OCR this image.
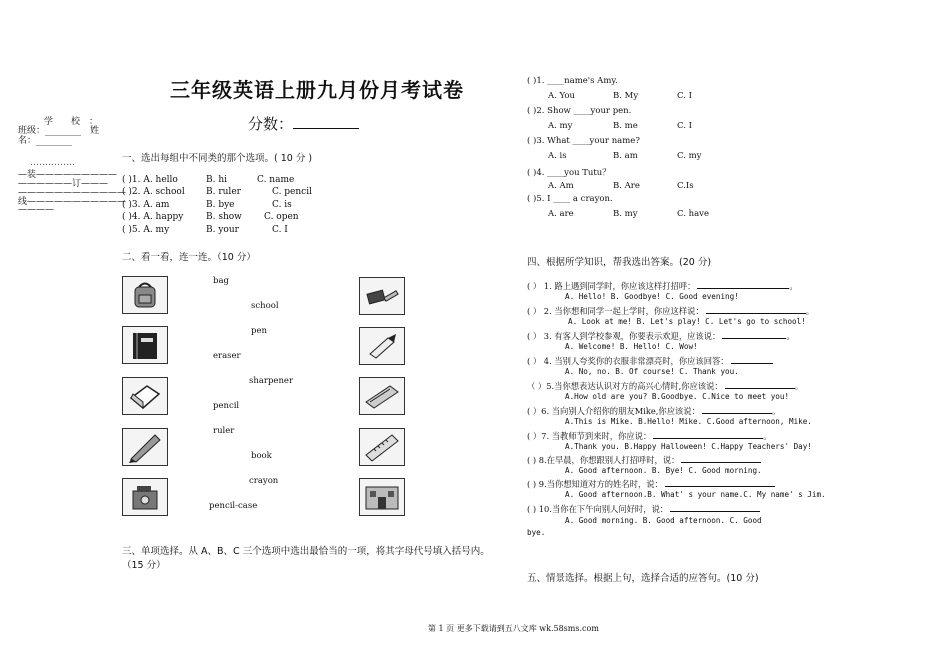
学　　校　：
班级：________ 姓
名：________
……………
—装—————————
——————订———
————————————
线———————————
————
三年级英语上册九月份月考试卷
分数：
一、选出每组中不同类的那个选项。( 10 分 )
( )1. A. hello	B. hi	C. name
( )2. A. school B. ruler	C. pencil
( )3. A. am	B. bye	C. is
( )4. A. happy	B. show C. open
( )5. A. my	B. your	C. I
二、看一看，连一连。（10 分）
bag
school
pen
eraser
sharpener
pencil
ruler
book
crayon
pencil-case
三、单项选择。从 A、B、C 三个选项中选出最恰当的一项，将其字母代号填入括号内。
（15 分）
( )1. ____name's Amy.
A. You	B. My	C. I
( )2. Show ____your pen.
A. my	B. me	C. I
( )3. What ____your name?
A. is	B. am	C. my
( )4. ____you Tutu？
A. Am	B. Are	C.Is
( )5. I ____ a crayon.
A. are	B. my	C. have
四、根据所学知识，帮我选出答案。(20 分)
( ） 1. 路上遇到同学时，你应该这样打招呼：	。
A. Hello! B. Goodbye! C. Good evening!
( ） 2. 当你想和同学一起上学时，你应这样说：	。
A. Look at me! B. Let's play! C. Let's go to school!
( ） 3. 有客人到学校参观，你要表示欢迎，应该说：	。
A. Welcome! B. Hello! C. Wow!
( ） 4. 当别人夸奖你的衣服非常漂亮时，你应该回答：
A. No, no. B. Of course! C. Thank you.
（ ）5.当你想表达认识对方的高兴心情时,你应该说：	。
A.How old are you? B.Goodbye. C.Nice to meet you!
( ）6. 当向别人介绍你的朋友Mike,你应该说：	。
A.This is Mike. B.Hello! Mike. C.Good afternoon, Mike.
( ）7. 当教师节到来时，你应说：	。
A.Thank you. B.Happy Halloween! C.Happy Teachers' Day!
( ) 8.在早晨，你想跟别人打招呼时，说：
A. Good afternoon. B. Bye! C. Good morning.
( ) 9.当你想知道对方的姓名时，说：
A. Good afternoon.B. What' s your name.C. My name' s Jim.
( ) 10.当你在下午向别人问好时，说：
A. Good morning. B. Good afternoon. C. Good
bye.
五、情景选择。根据上句，选择合适的应答句。(10 分)
第 1 页 更多下载请到五八文库 wk.58sms.com
